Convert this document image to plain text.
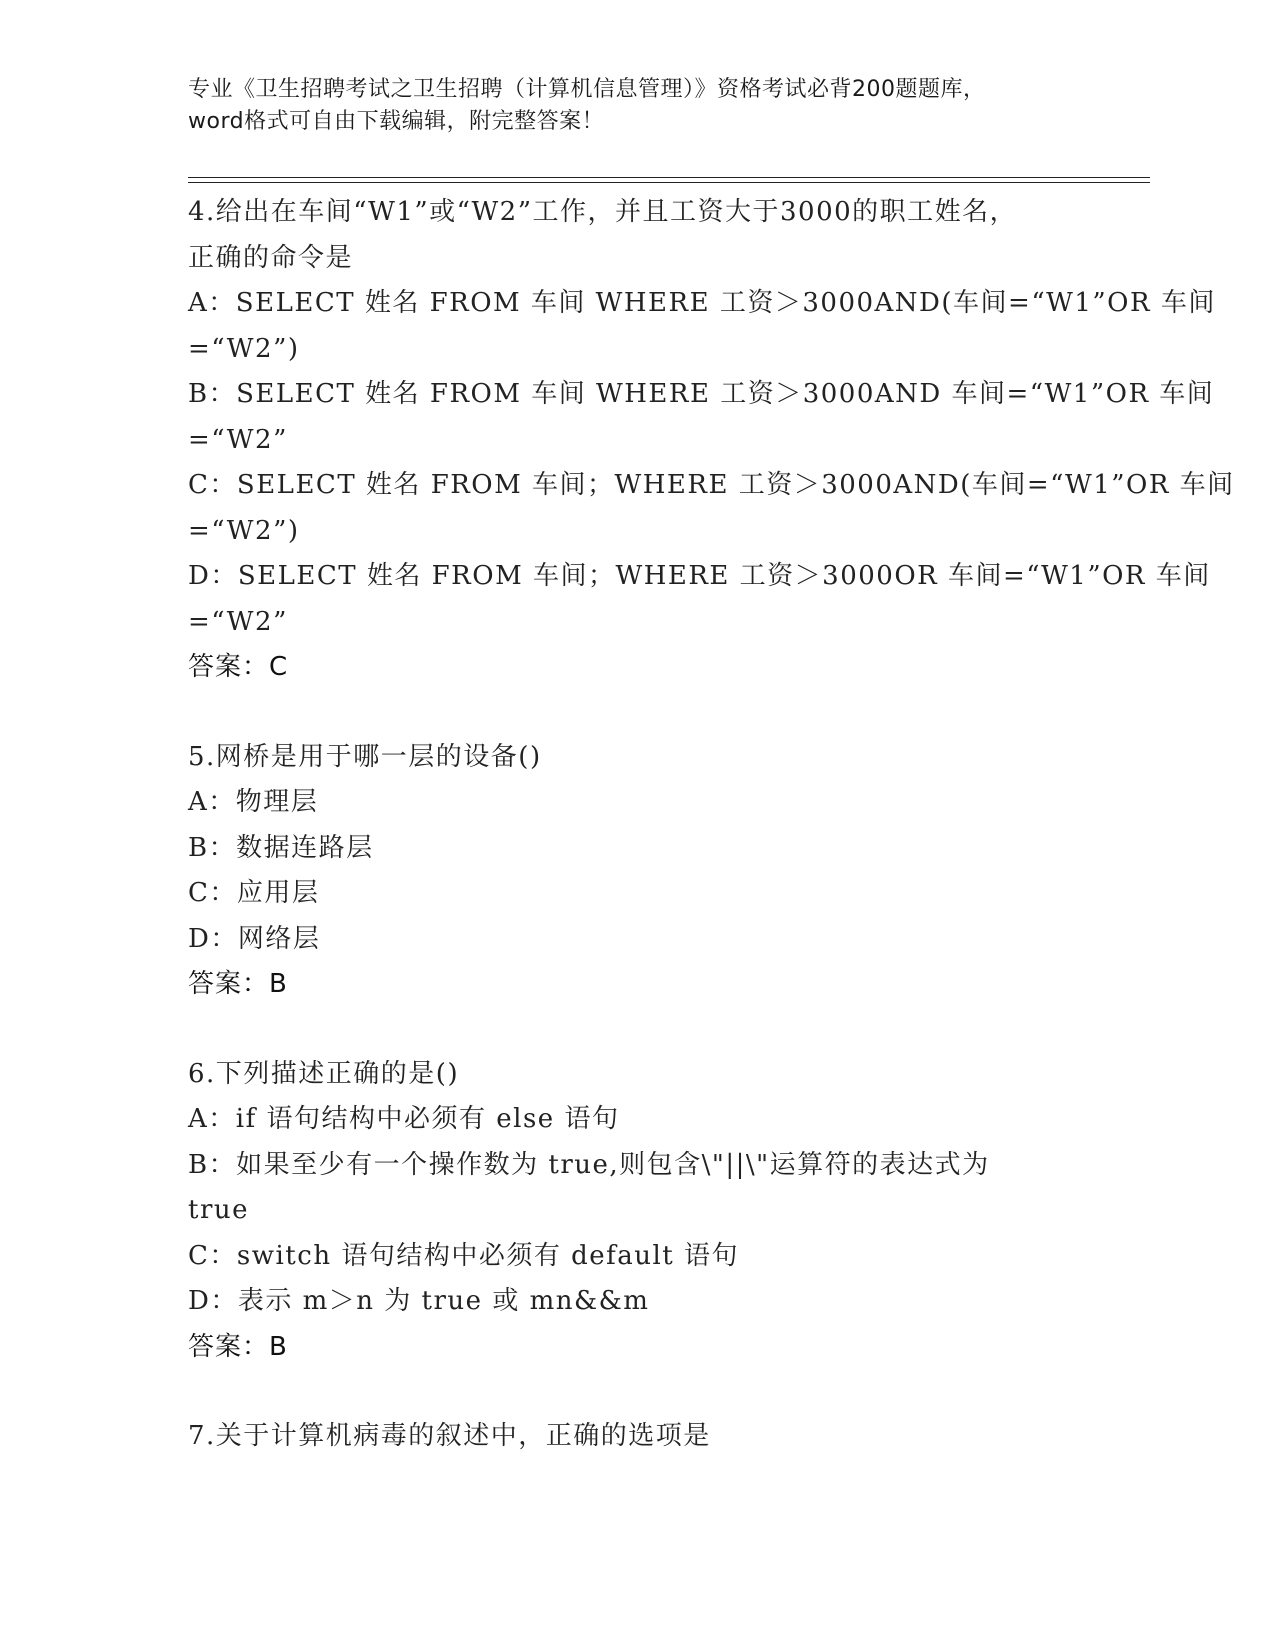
专业《卫生招聘考试之卫生招聘（计算机信息管理）》资格考试必背200题题库，
word格式可自由下载编辑，附完整答案！
4.给出在车间“W1”或“W2”工作，并且工资大于3000的职工姓名，
正确的命令是
A：SELECT 姓名 FROM 车间 WHERE 工资＞3000AND(车间=“W1”OR 车间
=“W2”)
B：SELECT 姓名 FROM 车间 WHERE 工资＞3000AND 车间=“W1”OR 车间
=“W2”
C：SELECT 姓名 FROM 车间；WHERE 工资＞3000AND(车间=“W1”OR 车间
=“W2”)
D：SELECT 姓名 FROM 车间；WHERE 工资＞3000OR 车间=“W1”OR 车间
=“W2”
答案：C
5.网桥是用于哪一层的设备()
A：物理层
B：数据连路层
C：应用层
D：网络层
答案：B
6.下列描述正确的是()
A：if 语句结构中必须有 else 语句
B：如果至少有一个操作数为 true,则包含\"||\"运算符的表达式为
true
C：switch 语句结构中必须有 default 语句
D：表示 m＞n 为 true 或 mn&&m
答案：B
7.关于计算机病毒的叙述中，正确的选项是
